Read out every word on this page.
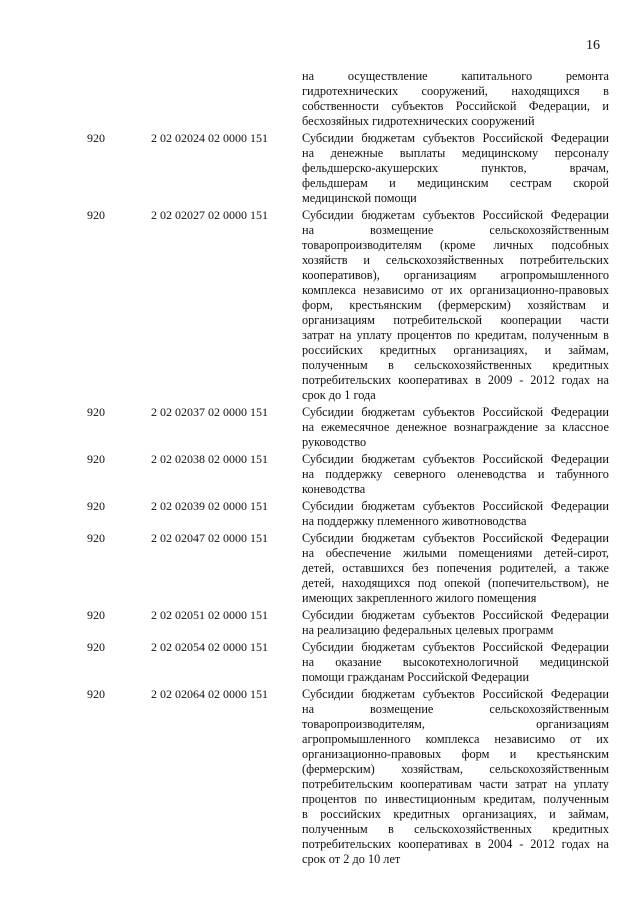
16
на	осуществление	капитального	ремонта
гидротехнических сооружений, находящихся в
собственности субъектов Российской Федерации, и
бесхозяйных гидротехнических сооружений
920	2 02 02024 02 0000 151	Субсидии бюджетам субъектов Российской Федерации
на денежные выплаты медицинскому персоналу
фельдшерско-акушерских	пунктов,	врачам,
фельдшерам и медицинским сестрам скорой
медицинской помощи
920	2 02 02027 02 0000 151	Субсидии бюджетам субъектов Российской Федерации
на	возмещение	сельскохозяйственным
товаропроизводителям (кроме личных подсобных
хозяйств и сельскохозяйственных потребительских
кооперативов), организациям агропромышленного
комплекса независимо от их организационно-правовых
форм, крестьянским (фермерским) хозяйствам и
организациям потребительской кооперации части
затрат на уплату процентов по кредитам, полученным в
российских кредитных организациях, и займам,
полученным в сельскохозяйственных кредитных
потребительских кооперативах в 2009 - 2012 годах на
срок до 1 года
920	2 02 02037 02 0000 151	Субсидии бюджетам субъектов Российской Федерации
на ежемесячное денежное вознаграждение за классное
руководство
920	2 02 02038 02 0000 151	Субсидии бюджетам субъектов Российской Федерации
на поддержку северного оленеводства и табунного
коневодства
920	2 02 02039 02 0000 151	Субсидии бюджетам субъектов Российской Федерации
на поддержку племенного животноводства
920	2 02 02047 02 0000 151	Субсидии бюджетам субъектов Российской Федерации
на обеспечение жилыми помещениями детей-сирот,
детей, оставшихся без попечения родителей, а также
детей, находящихся под опекой (попечительством), не
имеющих закрепленного жилого помещения
920	2 02 02051 02 0000 151	Субсидии бюджетам субъектов Российской Федерации
на реализацию федеральных целевых программ
920	2 02 02054 02 0000 151	Субсидии бюджетам субъектов Российской Федерации
на оказание высокотехнологичной медицинской
помощи гражданам Российской Федерации
920	2 02 02064 02 0000 151	Субсидии бюджетам субъектов Российской Федерации
на	возмещение	сельскохозяйственным
товаропроизводителям,	организациям
агропромышленного комплекса независимо от их
организационно-правовых форм и крестьянским
(фермерским) хозяйствам, сельскохозяйственным
потребительским кооперативам части затрат на уплату
процентов по инвестиционным кредитам, полученным
в российских кредитных организациях, и займам,
полученным в сельскохозяйственных кредитных
потребительских кооперативах в 2004 - 2012 годах на
срок от 2 до 10 лет
